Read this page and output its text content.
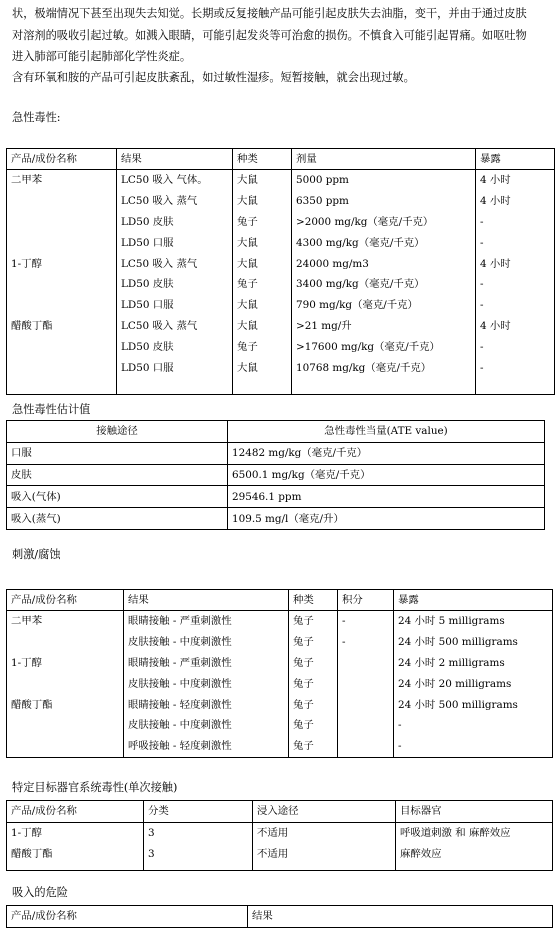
状，极端情况下甚至出现失去知觉。长期或反复接触产品可能引起皮肤失去油脂，变干，并由于通过皮肤
对溶剂的吸收引起过敏。如溅入眼睛，可能引起发炎等可治愈的损伤。不慎食入可能引起胃痛。如呕吐物
进入肺部可能引起肺部化学性炎症。
含有环氧和胺的产品可引起皮肤紊乱，如过敏性湿疹。短暂接触，就会出现过敏。
急性毒性:
产品/成份名称	结果	种类	剂量	暴露
二甲苯	LC50 吸入 气体。	大鼠	5000 ppm	4 小时
	LC50 吸入 蒸气	大鼠	6350 ppm	4 小时
	LD50 皮肤	兔子	>2000 mg/kg（毫克/千克）	-
	LD50 口服	大鼠	4300 mg/kg（毫克/千克）	-
1-丁醇	LC50 吸入 蒸气	大鼠	24000 mg/m3	4 小时
	LD50 皮肤	兔子	3400 mg/kg（毫克/千克）	-
	LD50 口服	大鼠	790 mg/kg（毫克/千克）	-
醋酸丁酯	LC50 吸入 蒸气	大鼠	>21 mg/升	4 小时
	LD50 皮肤	兔子	>17600 mg/kg（毫克/千克）	-
	LD50 口服	大鼠	10768 mg/kg（毫克/千克）	-
急性毒性估计值
接触途径	急性毒性当量(ATE value)
口服	12482 mg/kg（毫克/千克）
皮肤	6500.1 mg/kg（毫克/千克）
吸入(气体)	29546.1 ppm
吸入(蒸气)	109.5 mg/l（毫克/升）
刺激/腐蚀
产品/成份名称	结果	种类	积分	暴露
二甲苯	眼睛接触 - 严重刺激性	兔子	-	24 小时 5 milligrams
	皮肤接触 - 中度刺激性	兔子	-	24 小时 500 milligrams
1-丁醇	眼睛接触 - 严重刺激性	兔子		24 小时 2 milligrams
	皮肤接触 - 中度刺激性	兔子		24 小时 20 milligrams
醋酸丁酯	眼睛接触 - 轻度刺激性	兔子		24 小时 500 milligrams
	皮肤接触 - 中度刺激性	兔子		-
	呼吸接触 - 轻度刺激性	兔子		-
特定目标器官系统毒性(单次接触)
产品/成份名称	分类	浸入途径	目标器官
1-丁醇	3	不适用	呼吸道刺激 和 麻醉效应
醋酸丁酯	3	不适用	麻醉效应
吸入的危险
产品/成份名称	结果
